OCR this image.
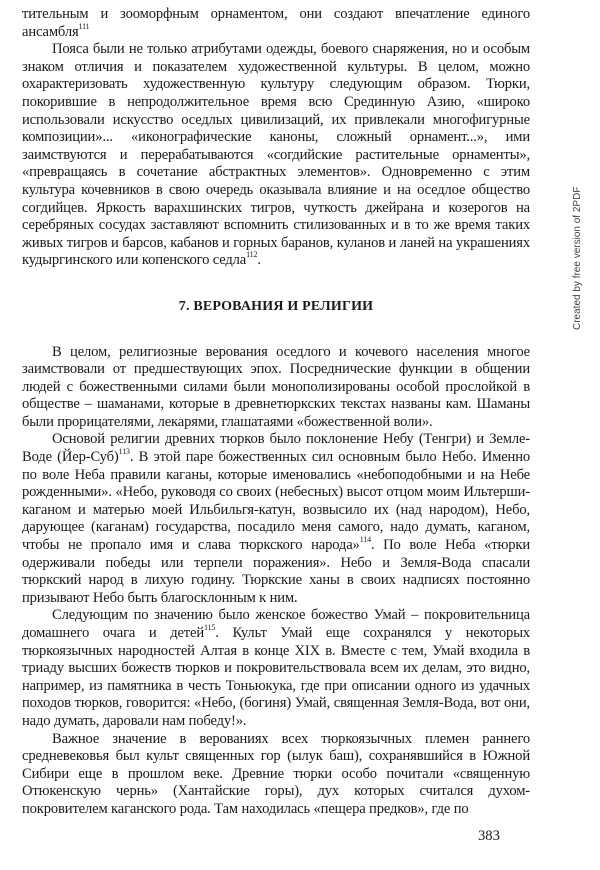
тительным и зооморфным орнаментом, они создают впечатление единого ансамбля$^{111}$

Пояса были не только атрибутами одежды, боевого снаряжения, но и особым знаком отличия и показателем художественной культуры. В целом, можно охарактеризовать художественную культуру следующим образом. Тюрки, покорившие в непродолжительное время всю Срединную Азию, «широко использовали искусство оседлых цивилизаций, их привлекали многофигурные композиции»... «иконографические каноны, сложный орнамент...», ими заимствуются и перерабатываются «согдийские растительные орнаменты», «превращаясь в сочетание абстрактных элементов». Одновременно с этим культура кочевников в свою очередь оказывала влияние и на оседлое общество согдийцев. Яркость варахшинских тигров, чуткость джейрана и козерогов на серебряных сосудах заставляют вспомнить стилизованных и в то же время таких живых тигров и барсов, кабанов и горных баранов, куланов и ланей на украшениях кудыргинского или копенского седла$^{112}$.

7. ВЕРОВАНИЯ И РЕЛИГИИ

В целом, религиозные верования оседлого и кочевого населения многое заимствовали от предшествующих эпох. Посреднические функции в общении людей с божественными силами были монополизированы особой прослойкой в обществе – шаманами, которые в древнетюркских текстах названы кам. Шаманы были прорицателями, лекарями, глашатаями «божественной воли».

Основой религии древних тюрков было поклонение Небу (Тенгри) и Земле-Воде $(Йер-Суб)^{113}$. В этой паре божественных сил основным было Небо. Именно по воле Неба правили каганы, которые именовались «небоподобными и на Небе рожденными». «Небо, руководя со своих (небесных) высот отцом моим Ильтерши-каганом и матерью моей Ильбильгя-катун, возвысило их (над народом), Небо, дарующее (каганам) государства, посадило меня самого, надо думать, каганом, чтобы не пропало имя и слава тюркского народа»$^{114}$. По воле Неба «тюрки одерживали победы или терпели поражения». Небо и Земля-Вода спасали тюркский народ в лихую годину. Тюркские ханы в своих надписях постоянно призывают Небо быть благосклонным к ним.

Следующим по значению было женское божество Умай – покровительница домашнего очага и детей$^{115}$. Культ Умай еще сохранялся у некоторых тюркоязычных народностей Алтая в конце XIX в. Вместе с тем, Умай входила в триаду высших божеств тюрков и покровительствовала всем их делам, это видно, например, из памятника в честь Тоньюкука, где при описании одного из удачных походов тюрков, говорится: «Небо, (богиня) Умай, священная Земля-Вода, вот они, надо думать, даровали нам победу!».

Важное значение в верованиях всех тюркоязычных племен раннего средневековья был культ священных гор (ылук баш), сохранявшийся в Южной Сибири еще в прошлом веке. Древние тюрки особо почитали «священную Отюкенскую чернь» (Хантайские горы), дух которых считался духом-покровителем каганского рода. Там находилась «пещера предков», где по

383
Created by free version of 2PDF
